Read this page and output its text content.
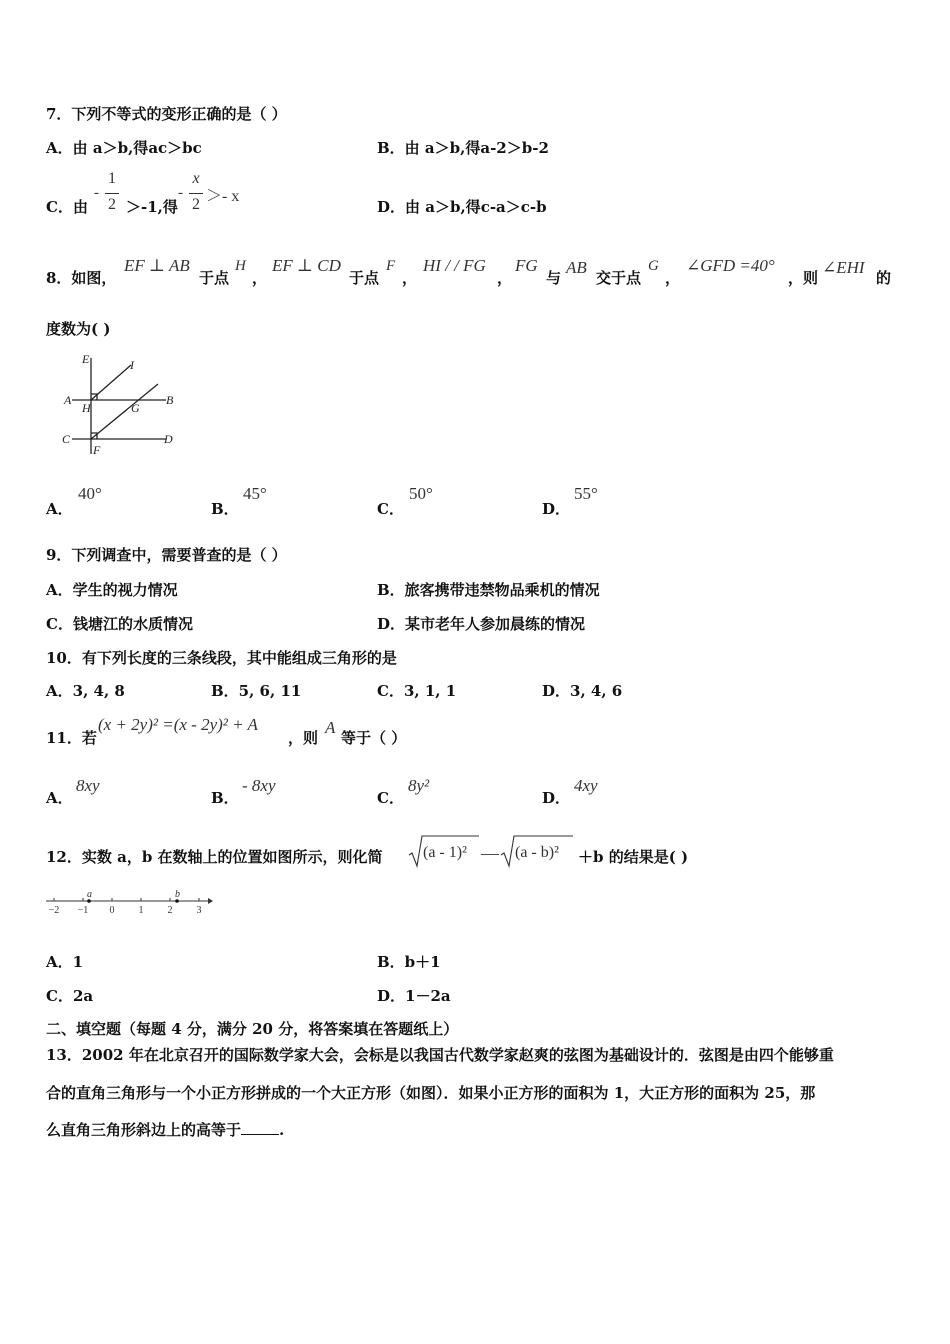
7．下列不等式的变形正确的是（ ）
A．由 a＞b,得ac＞bc	B．由 a＞b,得a-2＞b-2
C．由
-
1
2 ＞-1,得
-
x
2 ＞- x
D．由 a＞b,得c-a＞c-b
8．如图，
EF ⊥ AB
于点
H
，
EF ⊥ CD
于点
F
，
HI / / FG
，
FG
与
AB
交于点
G
，
∠GFD =40°
，则
∠EHI
的
度数为( )
E	I
A
H	G
B
C	D
F
A．
40°
B．
45°
C．
50°
D．
55°
9．下列调查中，需要普查的是（ ）
A．学生的视力情况	B．旅客携带违禁物品乘机的情况
C．钱塘江的水质情况	D．某市老年人参加晨练的情况
10．有下列长度的三条线段，其中能组成三角形的是
A．3, 4, 8	B．5, 6, 11	C．3, 1, 1	D．3, 4, 6
11．若
(x + 2y)² =(x - 2y)² + A
，则
A
等于（ ）
A．
8xy
B．
- 8xy
C．
8y²
D．
4xy
12．实数 a，b 在数轴上的位置如图所示，则化简	(a - 1)² — (a - b)² ＋b 的结果是( )
a	b
−2 −1 0 1 2 3
A．1	B．b＋1
C．2a	D．1－2a
二、填空题（每题 4 分，满分 20 分，将答案填在答题纸上）
13．2002 年在北京召开的国际数学家大会，会标是以我国古代数学家赵爽的弦图为基础设计的．弦图是由四个能够重
合的直角三角形与一个小正方形拼成的一个大正方形（如图）．如果小正方形的面积为 1，大正方形的面积为 25，那
么直角三角形斜边上的高等于	.
